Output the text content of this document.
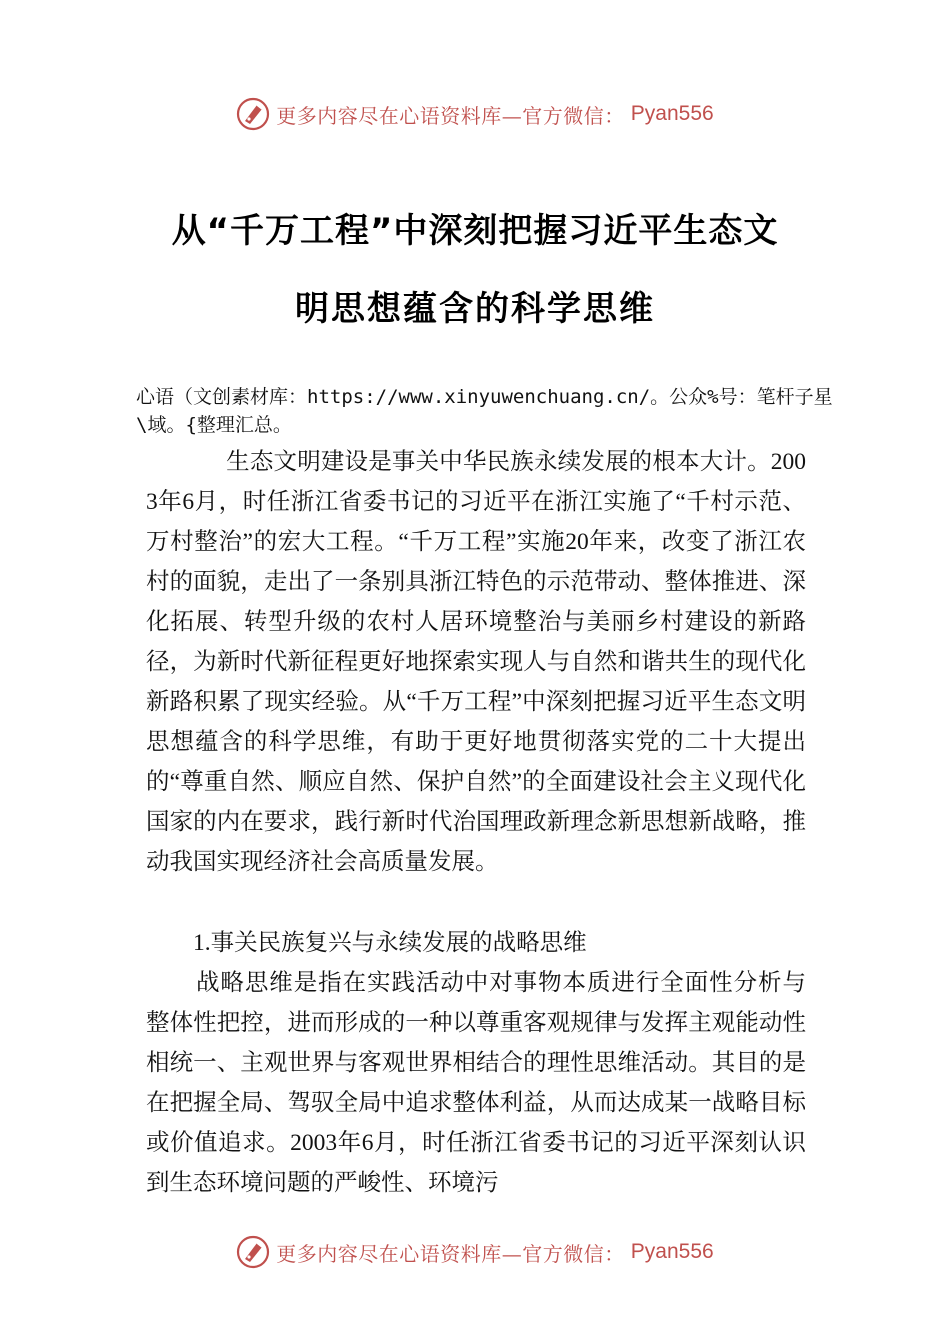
更多内容尽在心语资料库—官方微信： Pyan556
从“千万工程”中深刻把握习近平生态文
明思想蕴含的科学思维
心语（文创素材库：https://www.xinyuwenchuang.cn/。公众%号：笔杆子星\域。{整理汇总。
生态文明建设是事关中华民族永续发展的根本大计。2003年6月，时任浙江省委书记的习近平在浙江实施了“千村示范、万村整治”的宏大工程。“千万工程”实施20年来，改变了浙江农村的面貌，走出了一条别具浙江特色的示范带动、整体推进、深化拓展、转型升级的农村人居环境整治与美丽乡村建设的新路径，为新时代新征程更好地探索实现人与自然和谐共生的现代化新路积累了现实经验。从“千万工程”中深刻把握习近平生态文明思想蕴含的科学思维，有助于更好地贯彻落实党的二十大提出的“尊重自然、顺应自然、保护自然”的全面建设社会主义现代化国家的内在要求，践行新时代治国理政新理念新思想新战略，推动我国实现经济社会高质量发展。
1.事关民族复兴与永续发展的战略思维
战略思维是指在实践活动中对事物本质进行全面性分析与整体性把控，进而形成的一种以尊重客观规律与发挥主观能动性相统一、主观世界与客观世界相结合的理性思维活动。其目的是在把握全局、驾驭全局中追求整体利益，从而达成某一战略目标或价值追求。2003年6月，时任浙江省委书记的习近平深刻认识到生态环境问题的严峻性、环境污
更多内容尽在心语资料库—官方微信： Pyan556
